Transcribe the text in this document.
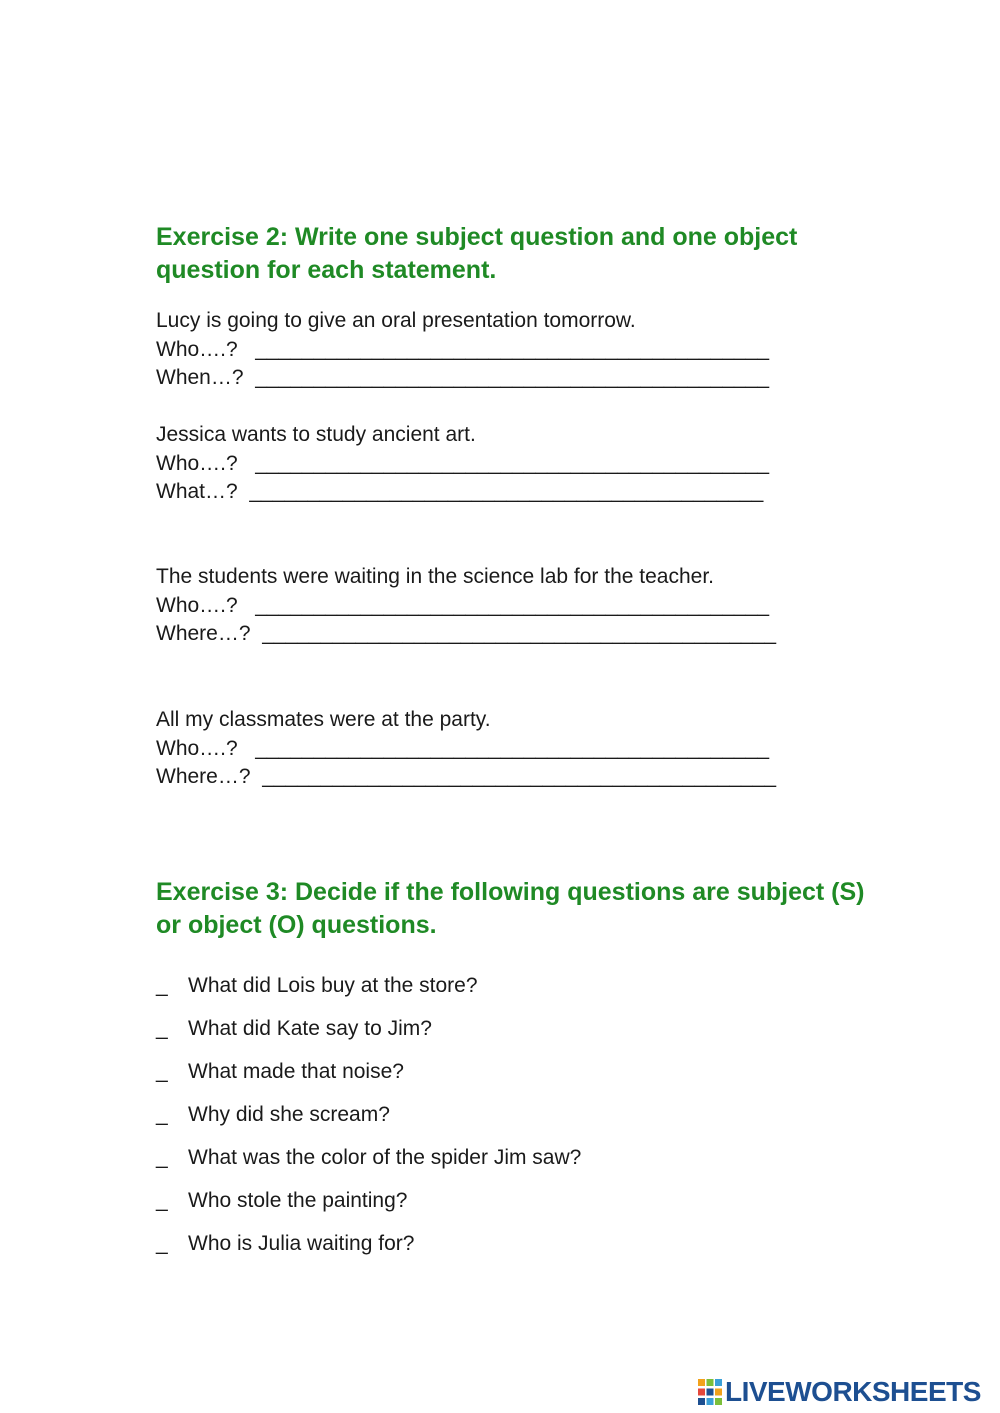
Exercise 2: Write one subject question and one object question for each statement.
Lucy is going to give an oral presentation tomorrow.
Who….?   ____________________________________________
When…?  ____________________________________________
Jessica wants to study ancient art.
Who….?   ____________________________________________
What…?  ____________________________________________
The students were waiting in the science lab for the teacher.
Who….?   ____________________________________________
Where…?  ____________________________________________
All my classmates were at the party.
Who….?   ____________________________________________
Where…?  ____________________________________________
Exercise 3: Decide if the following questions are subject (S) or object (O) questions.
_ What did Lois buy at the store?
_ What did Kate say to Jim?
_ What made that noise?
_ Why did she scream?
_ What was the color of the spider Jim saw?
_ Who stole the painting?
_ Who is Julia waiting for?
LIVEWORKSHEETS
